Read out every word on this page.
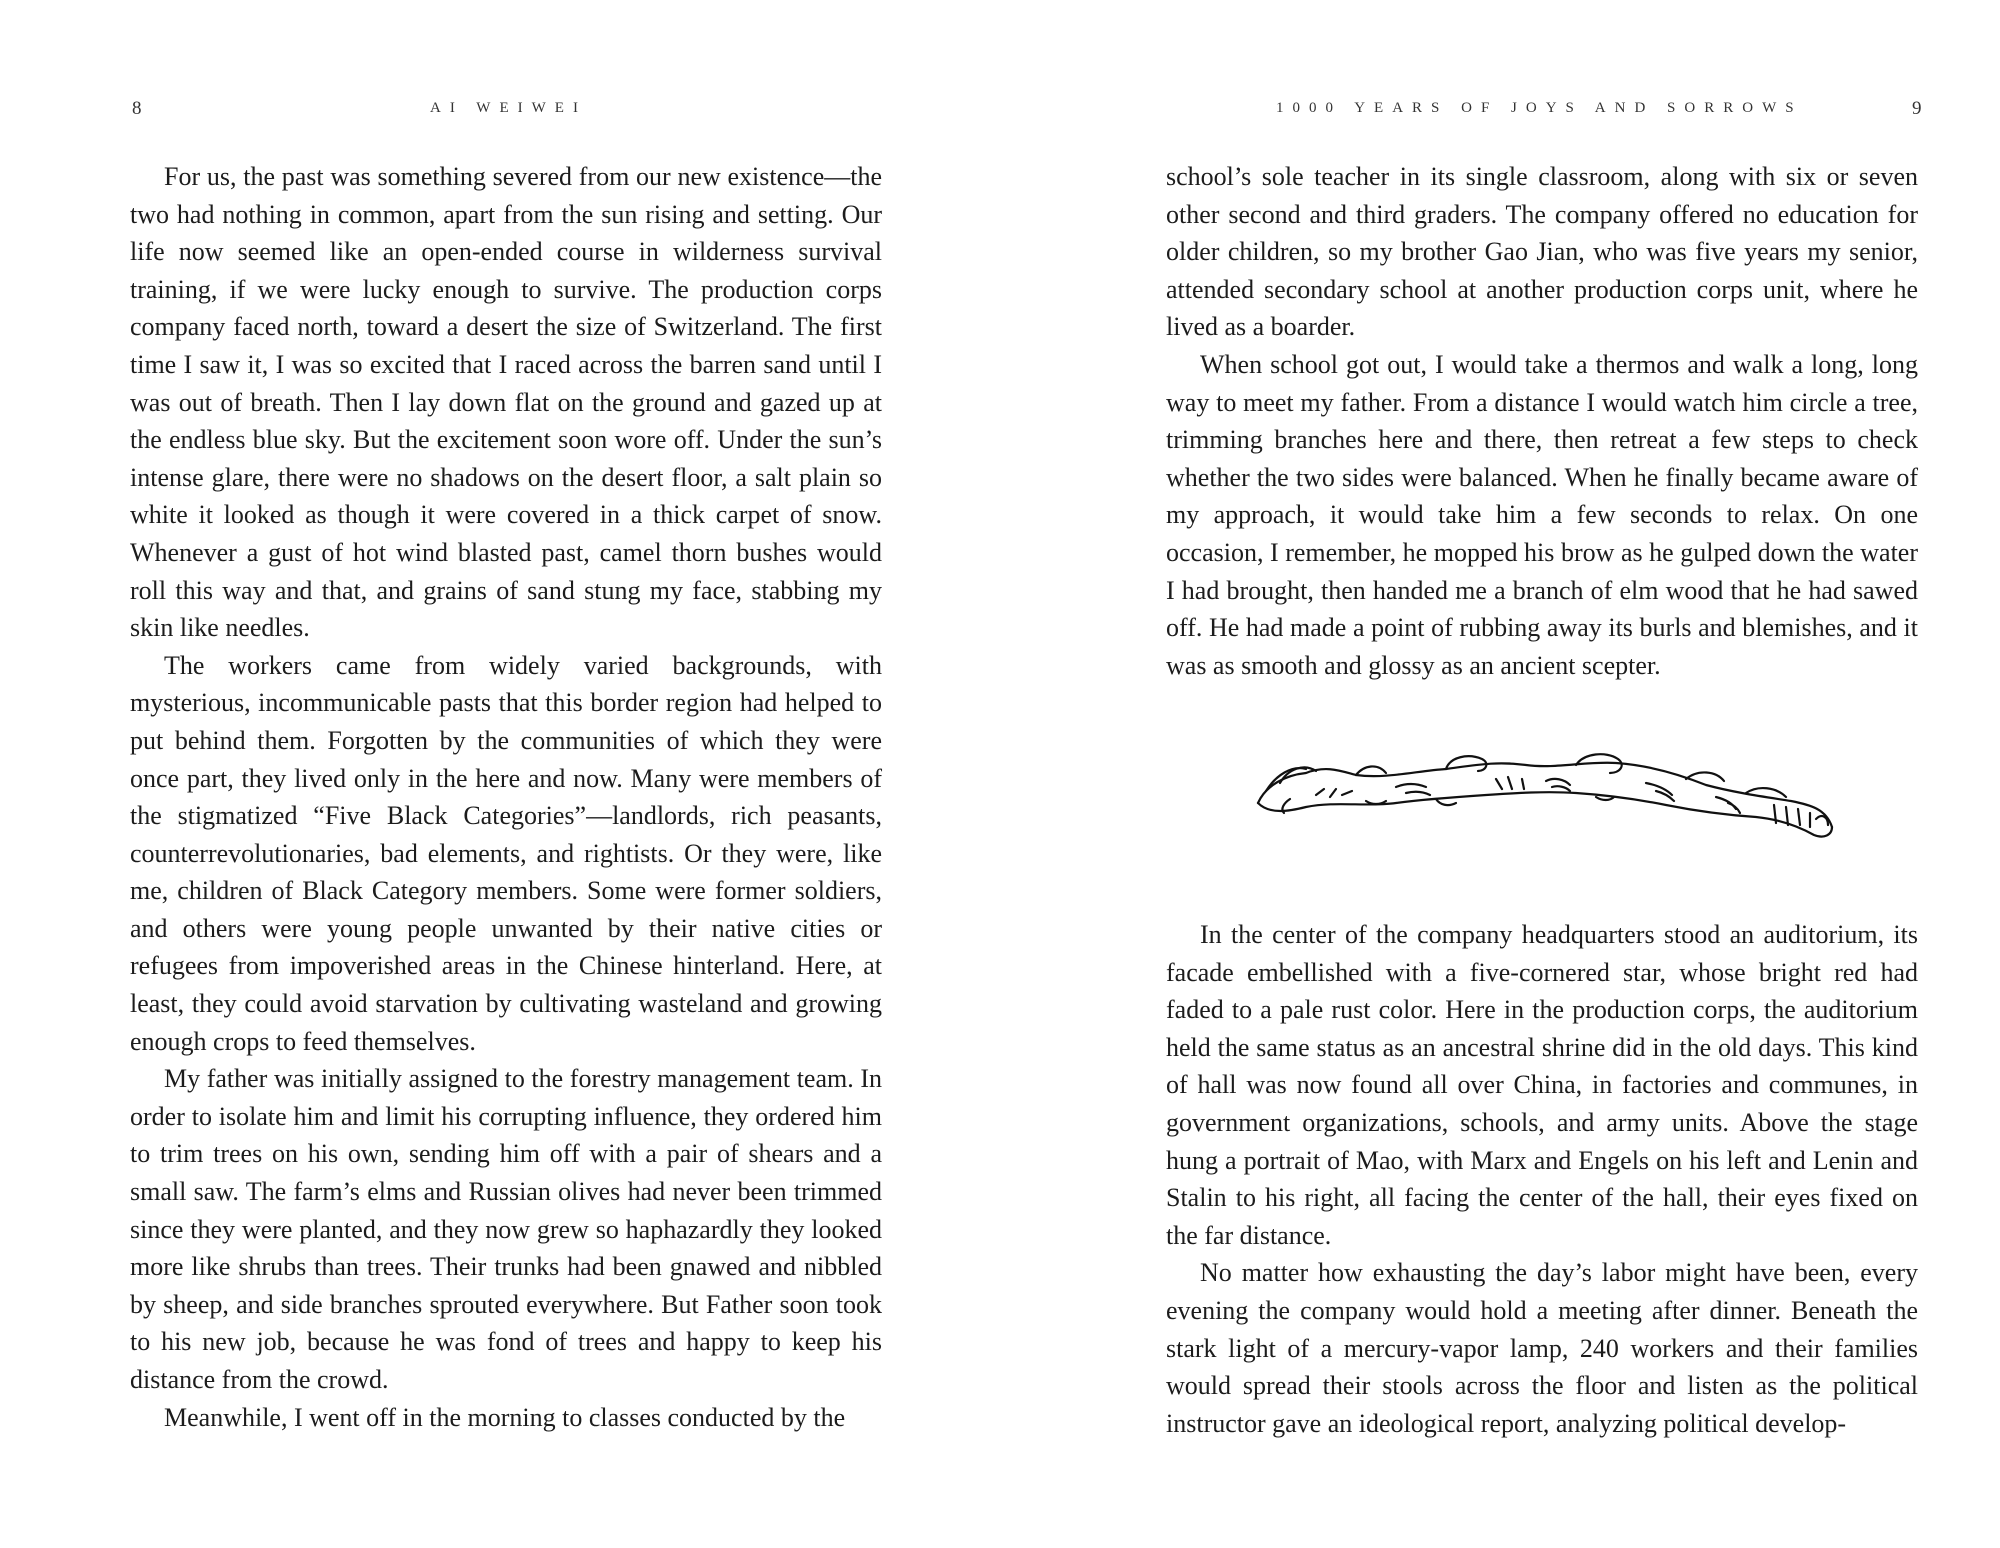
8	AI WEIWEI

For us, the past was something severed from our new existence—the two had nothing in common, apart from the sun rising and setting. Our life now seemed like an open-ended course in wilderness survival training, if we were lucky enough to survive. The production corps company faced north, toward a desert the size of Switzerland. The first time I saw it, I was so excited that I raced across the barren sand until I was out of breath. Then I lay down flat on the ground and gazed up at the endless blue sky. But the excitement soon wore off. Under the sun’s intense glare, there were no shadows on the desert floor, a salt plain so white it looked as though it were covered in a thick carpet of snow. Whenever a gust of hot wind blasted past, camel thorn bushes would roll this way and that, and grains of sand stung my face, stabbing my skin like needles.

The workers came from widely varied backgrounds, with mysterious, incommunicable pasts that this border region had helped to put behind them. Forgotten by the communities of which they were once part, they lived only in the here and now. Many were members of the stigmatized “Five Black Categories”—landlords, rich peasants, counterrevolutionaries, bad elements, and rightists. Or they were, like me, children of Black Category members. Some were former soldiers, and others were young people unwanted by their native cities or refugees from impoverished areas in the Chinese hinterland. Here, at least, they could avoid starvation by cultivating wasteland and growing enough crops to feed themselves.

My father was initially assigned to the forestry management team. In order to isolate him and limit his corrupting influence, they ordered him to trim trees on his own, sending him off with a pair of shears and a small saw. The farm’s elms and Russian olives had never been trimmed since they were planted, and they now grew so haphazardly they looked more like shrubs than trees. Their trunks had been gnawed and nibbled by sheep, and side branches sprouted everywhere. But Father soon took to his new job, because he was fond of trees and happy to keep his distance from the crowd.

Meanwhile, I went off in the morning to classes conducted by the

1000 YEARS OF JOYS AND SORROWS	9

school’s sole teacher in its single classroom, along with six or seven other second and third graders. The company offered no education for older children, so my brother Gao Jian, who was five years my senior, attended secondary school at another production corps unit, where he lived as a boarder.

When school got out, I would take a thermos and walk a long, long way to meet my father. From a distance I would watch him circle a tree, trimming branches here and there, then retreat a few steps to check whether the two sides were balanced. When he finally became aware of my approach, it would take him a few seconds to relax. On one occasion, I remember, he mopped his brow as he gulped down the water I had brought, then handed me a branch of elm wood that he had sawed off. He had made a point of rubbing away its burls and blemishes, and it was as smooth and glossy as an ancient scepter.

In the center of the company headquarters stood an auditorium, its facade embellished with a five-cornered star, whose bright red had faded to a pale rust color. Here in the production corps, the auditorium held the same status as an ancestral shrine did in the old days. This kind of hall was now found all over China, in factories and communes, in government organizations, schools, and army units. Above the stage hung a portrait of Mao, with Marx and Engels on his left and Lenin and Stalin to his right, all facing the center of the hall, their eyes fixed on the far distance.

No matter how exhausting the day’s labor might have been, every evening the company would hold a meeting after dinner. Beneath the stark light of a mercury-vapor lamp, 240 workers and their families would spread their stools across the floor and listen as the political instructor gave an ideological report, analyzing political develop-
